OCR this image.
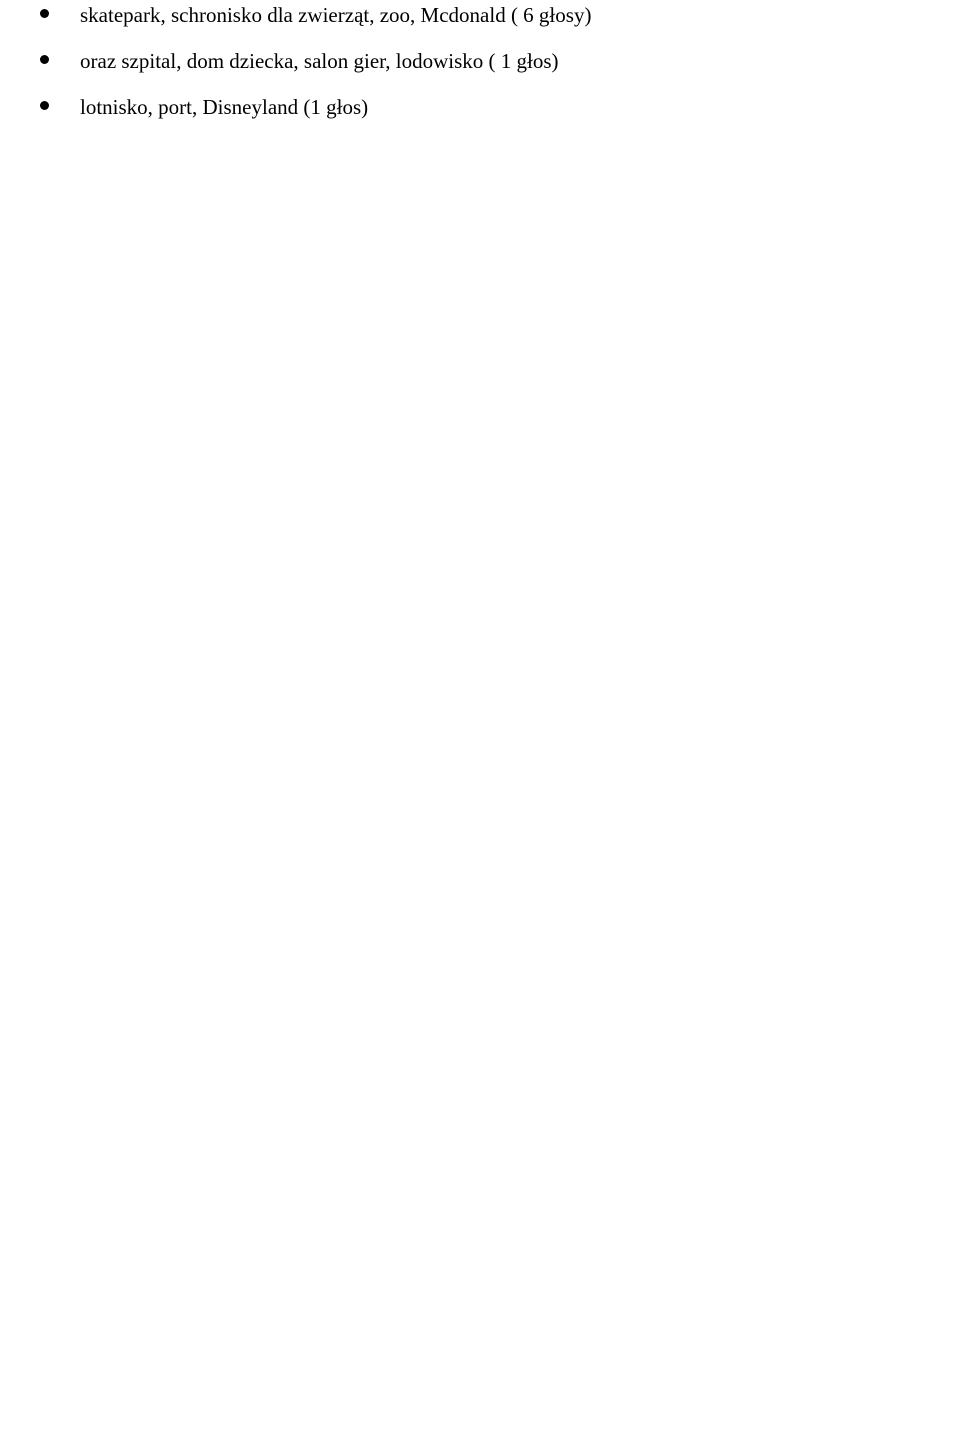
skatepark, schronisko dla zwierząt, zoo, Mcdonald ( 6 głosy)
oraz szpital, dom dziecka, salon gier, lodowisko ( 1 głos)
lotnisko, port, Disneyland (1 głos)
